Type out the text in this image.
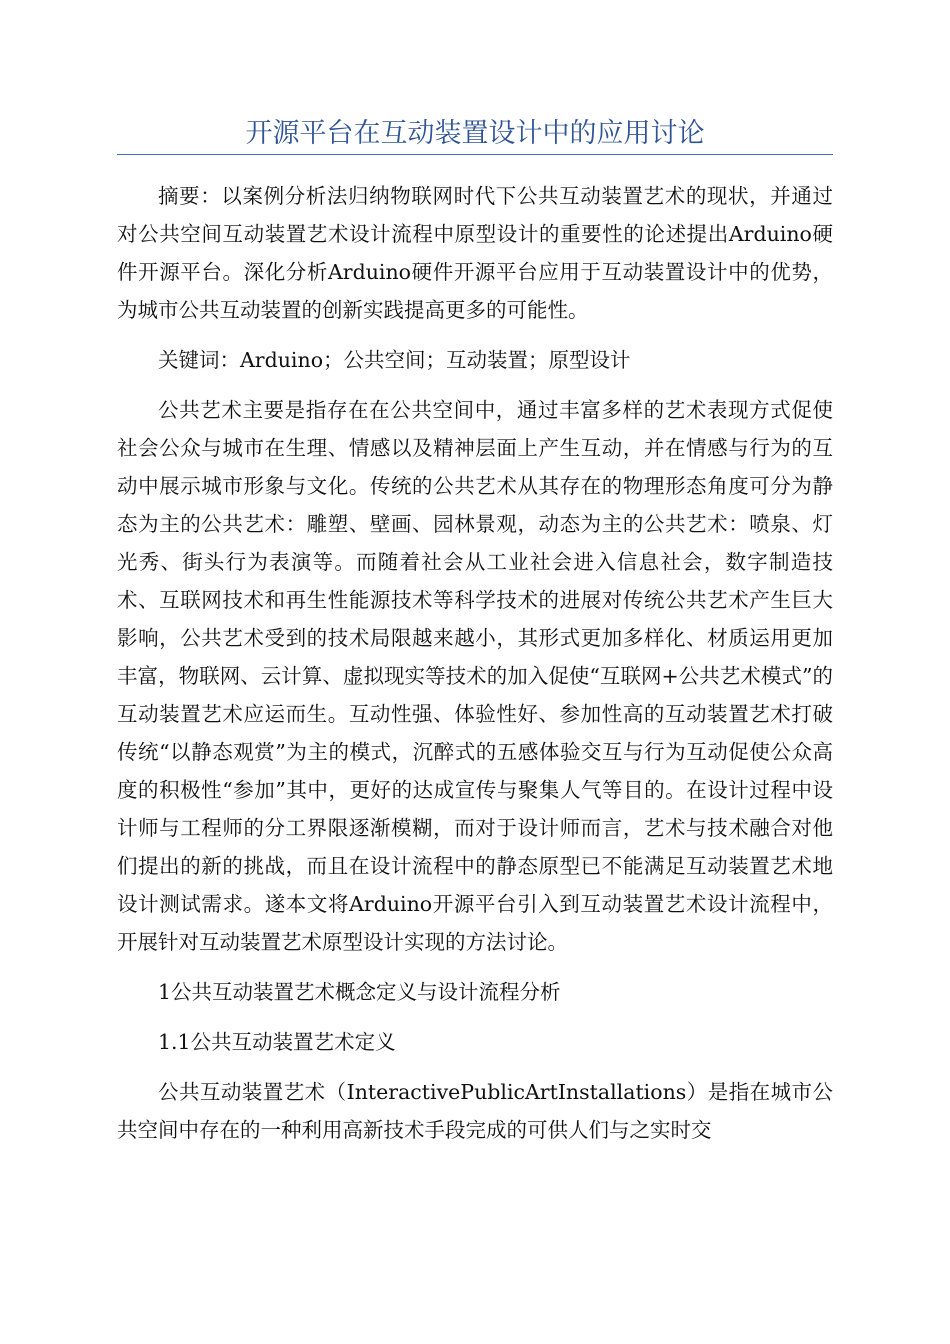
开源平台在互动装置设计中的应用讨论

摘要：以案例分析法归纳物联网时代下公共互动装置艺术的现状，并通过对公共空间互动装置艺术设计流程中原型设计的重要性的论述提出Arduino硬件开源平台。深化分析Arduino硬件开源平台应用于互动装置设计中的优势，为城市公共互动装置的创新实践提高更多的可能性。

关键词：Arduino；公共空间；互动装置；原型设计

公共艺术主要是指存在在公共空间中，通过丰富多样的艺术表现方式促使社会公众与城市在生理、情感以及精神层面上产生互动，并在情感与行为的互动中展示城市形象与文化。传统的公共艺术从其存在的物理形态角度可分为静态为主的公共艺术：雕塑、壁画、园林景观，动态为主的公共艺术：喷泉、灯光秀、街头行为表演等。而随着社会从工业社会进入信息社会，数字制造技术、互联网技术和再生性能源技术等科学技术的进展对传统公共艺术产生巨大影响，公共艺术受到的技术局限越来越小，其形式更加多样化、材质运用更加丰富，物联网、云计算、虚拟现实等技术的加入促使“互联网+公共艺术模式”的互动装置艺术应运而生。互动性强、体验性好、参加性高的互动装置艺术打破传统“以静态观赏”为主的模式，沉醉式的五感体验交互与行为互动促使公众高度的积极性“参加”其中，更好的达成宣传与聚集人气等目的。在设计过程中设计师与工程师的分工界限逐渐模糊，而对于设计师而言，艺术与技术融合对他们提出的新的挑战，而且在设计流程中的静态原型已不能满足互动装置艺术地设计测试需求。遂本文将Arduino开源平台引入到互动装置艺术设计流程中，开展针对互动装置艺术原型设计实现的方法讨论。

1公共互动装置艺术概念定义与设计流程分析

1.1公共互动装置艺术定义

公共互动装置艺术（InteractivePublicArtInstallations）是指在城市公共空间中存在的一种利用高新技术手段完成的可供人们与之实时交
